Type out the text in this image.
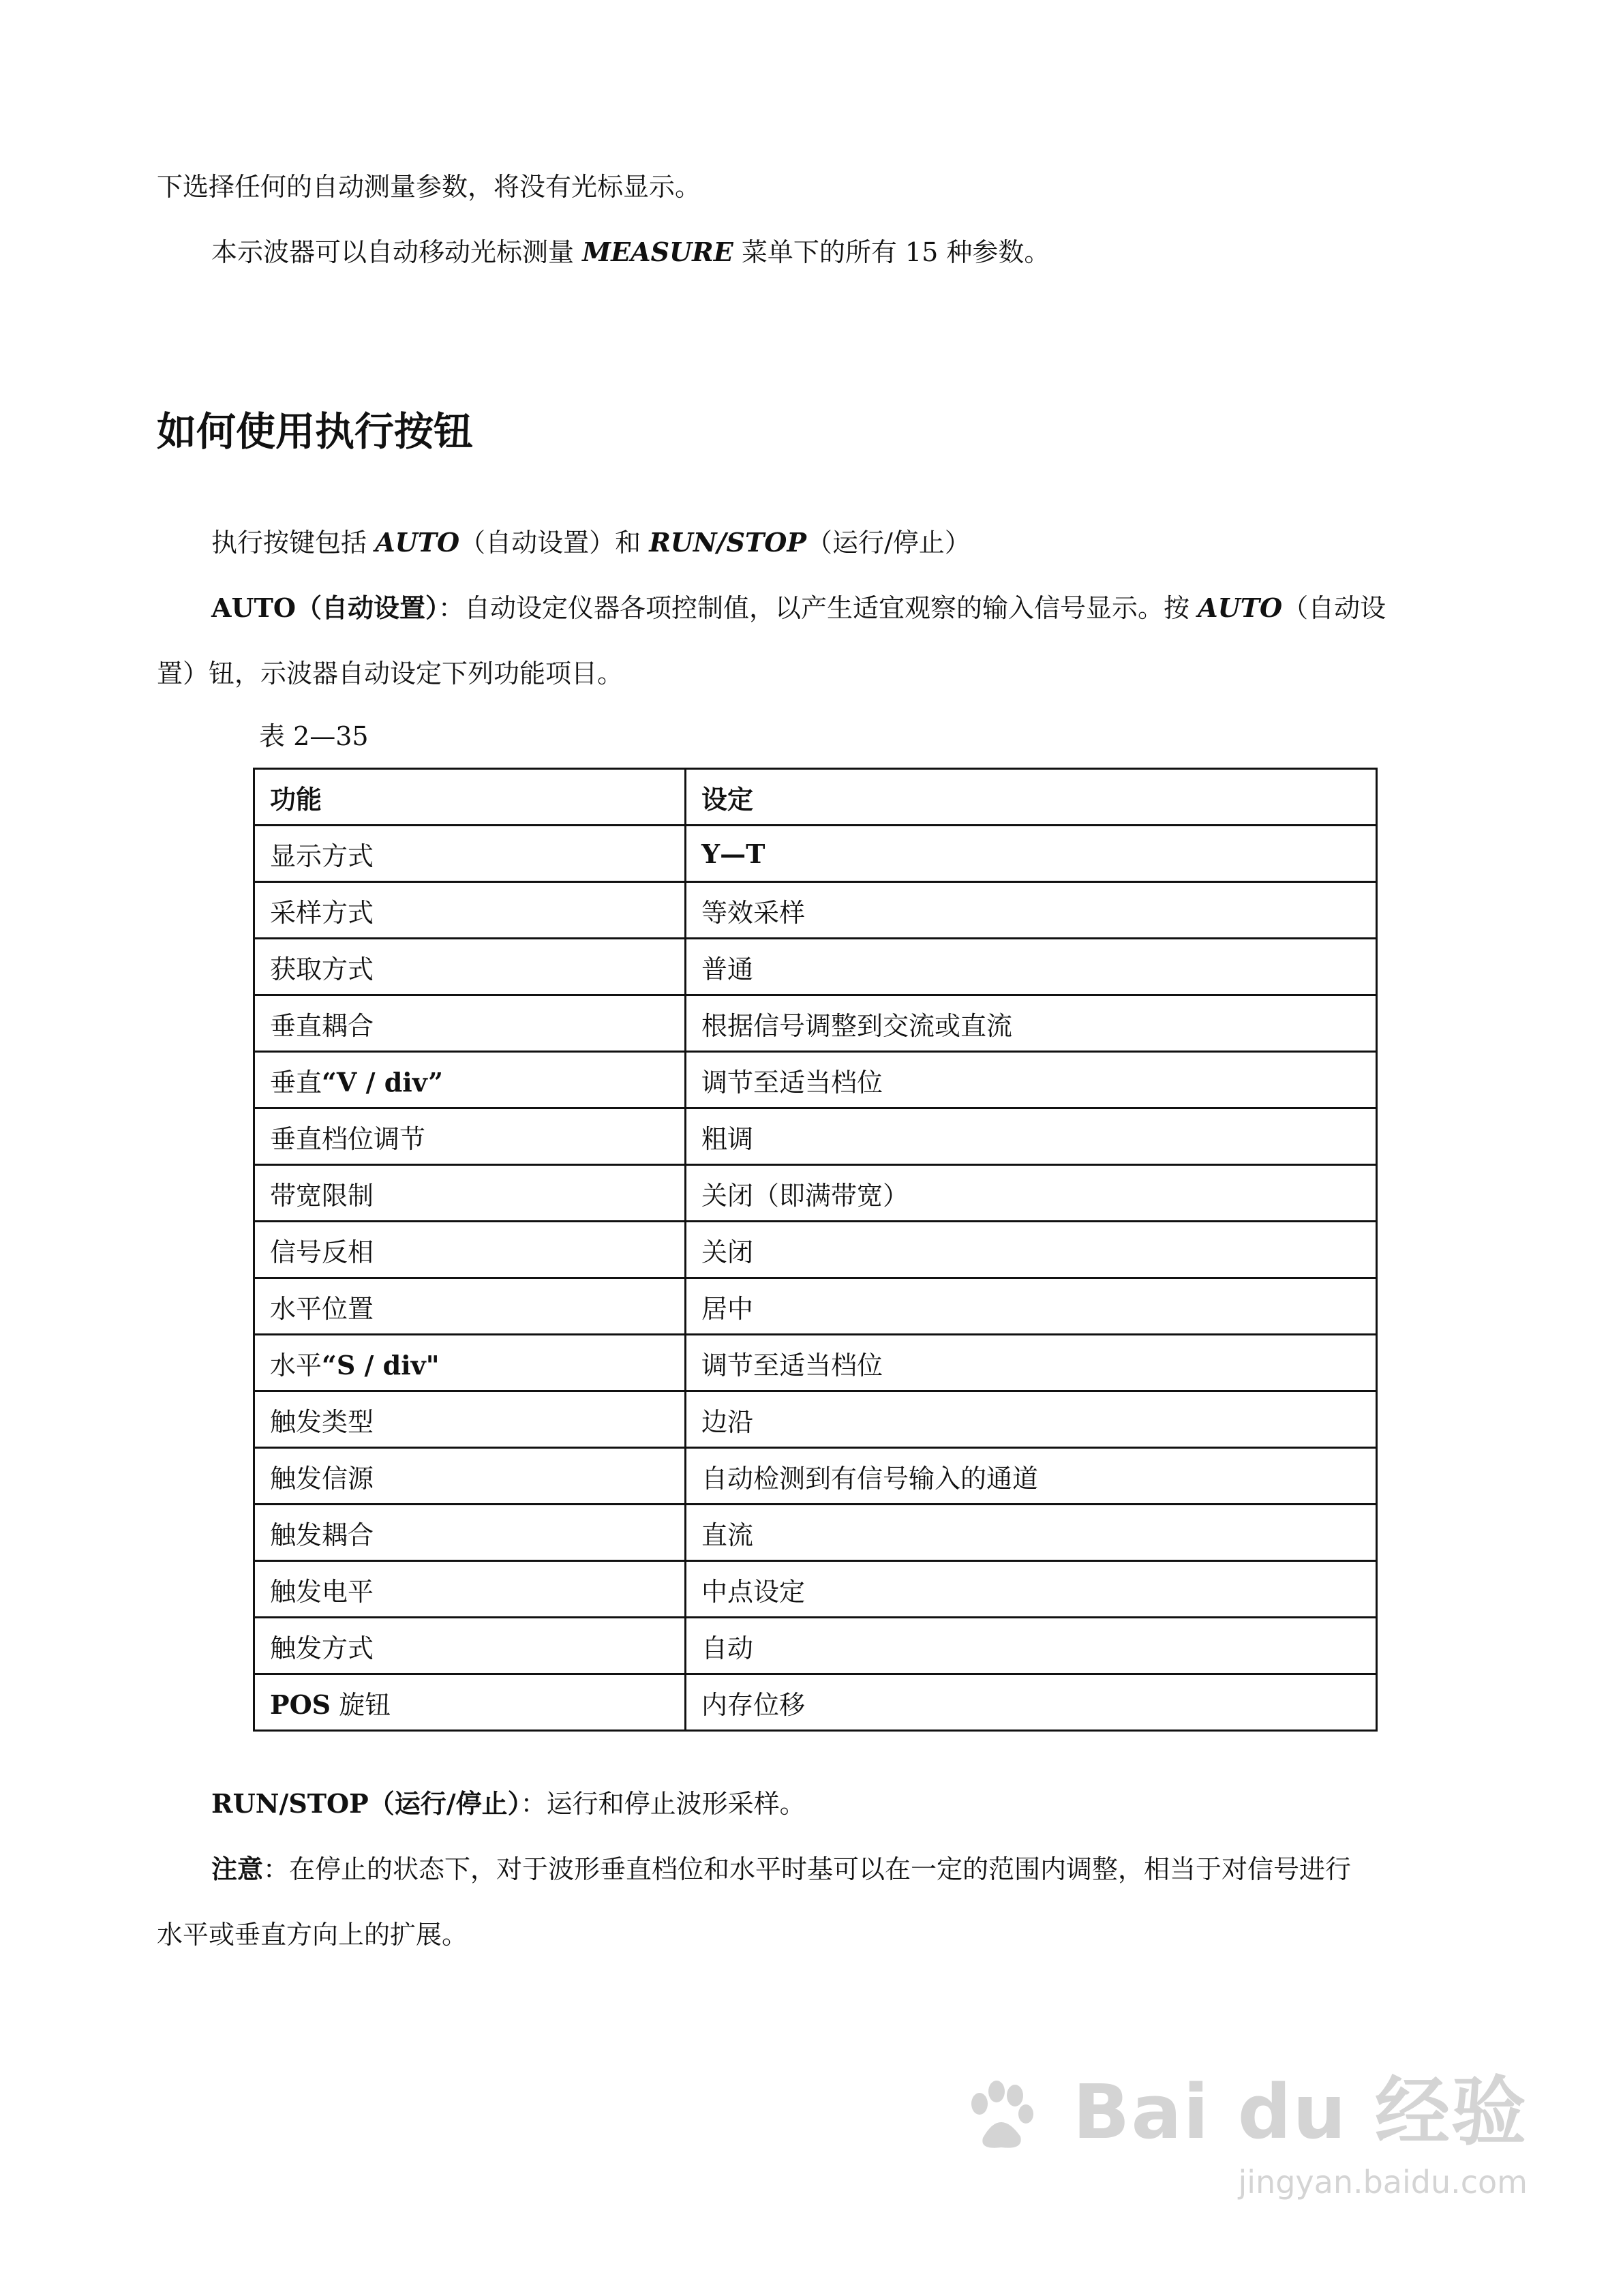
下选择任何的自动测量参数，将没有光标显示。

本示波器可以自动移动光标测量 MEASURE 菜单下的所有 15 种参数。

如何使用执行按钮

执行按键包括 AUTO（自动设置）和 RUN/STOP（运行/停止）

AUTO（自动设置）：自动设定仪器各项控制值，以产生适宜观察的输入信号显示。按 AUTO（自动设

置）钮，示波器自动设定下列功能项目。

表 2—35

功能	设定
显示方式	Y—T
采样方式	等效采样
获取方式	普通
垂直耦合	根据信号调整到交流或直流
垂直“V / div”	调节至适当档位
垂直档位调节	粗调
带宽限制	关闭（即满带宽）
信号反相	关闭
水平位置	居中
水平“S / div"	调节至适当档位
触发类型	边沿
触发信源	自动检测到有信号输入的通道
触发耦合	直流
触发电平	中点设定
触发方式	自动
POS 旋钮	内存位移

RUN/STOP（运行/停止）：运行和停止波形采样。

注意：在停止的状态下，对于波形垂直档位和水平时基可以在一定的范围内调整，相当于对信号进行

水平或垂直方向上的扩展。

Bai du 经验
jingyan.baidu.com
